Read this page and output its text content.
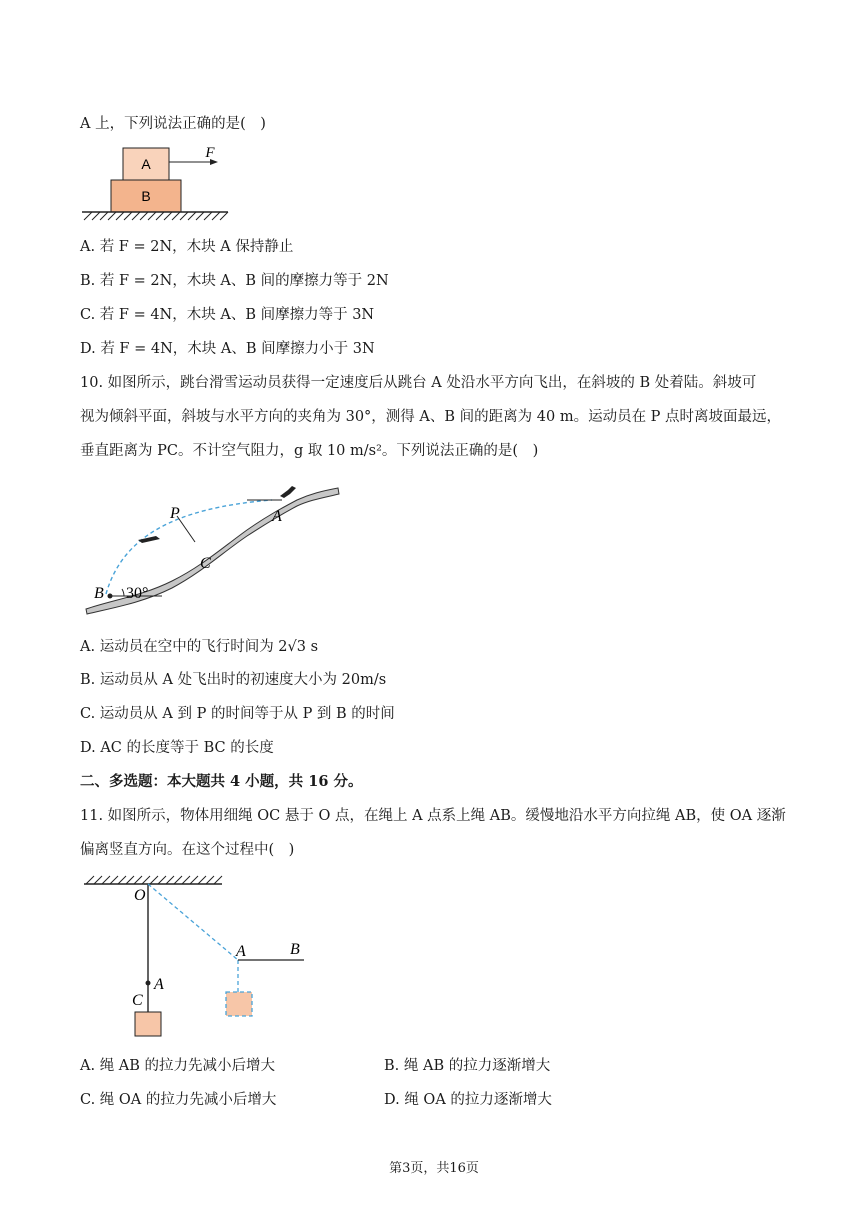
A 上，下列说法正确的是(　)
A
B
F
A. 若 F = 2N，木块 A 保持静止
B. 若 F = 2N，木块 A、B 间的摩擦力等于 2N
C. 若 F = 4N，木块 A、B 间摩擦力等于 3N
D. 若 F = 4N，木块 A、B 间摩擦力小于 3N
10. 如图所示，跳台滑雪运动员获得一定速度后从跳台 A 处沿水平方向飞出，在斜坡的 B 处着陆。斜坡可
视为倾斜平面，斜坡与水平方向的夹角为 30°，测得 A、B 间的距离为 40 m。运动员在 P 点时离坡面最远，
垂直距离为 PC。不计空气阻力，g 取 10 m/s²。下列说法正确的是(　)
P	A
C
B 30°
A. 运动员在空中的飞行时间为 2√3 s
B. 运动员从 A 处飞出时的初速度大小为 20m/s
C. 运动员从 A 到 P 的时间等于从 P 到 B 的时间
D. AC 的长度等于 BC 的长度
二、多选题：本大题共 4 小题，共 16 分。
11. 如图所示，物体用细绳 OC 悬于 O 点，在绳上 A 点系上绳 AB。缓慢地沿水平方向拉绳 AB，使 OA 逐渐
偏离竖直方向。在这个过程中(　)
O
A
C
A	B
A. 绳 AB 的拉力先减小后增大	B. 绳 AB 的拉力逐渐增大
C. 绳 OA 的拉力先减小后增大	D. 绳 OA 的拉力逐渐增大
第3页，共16页
